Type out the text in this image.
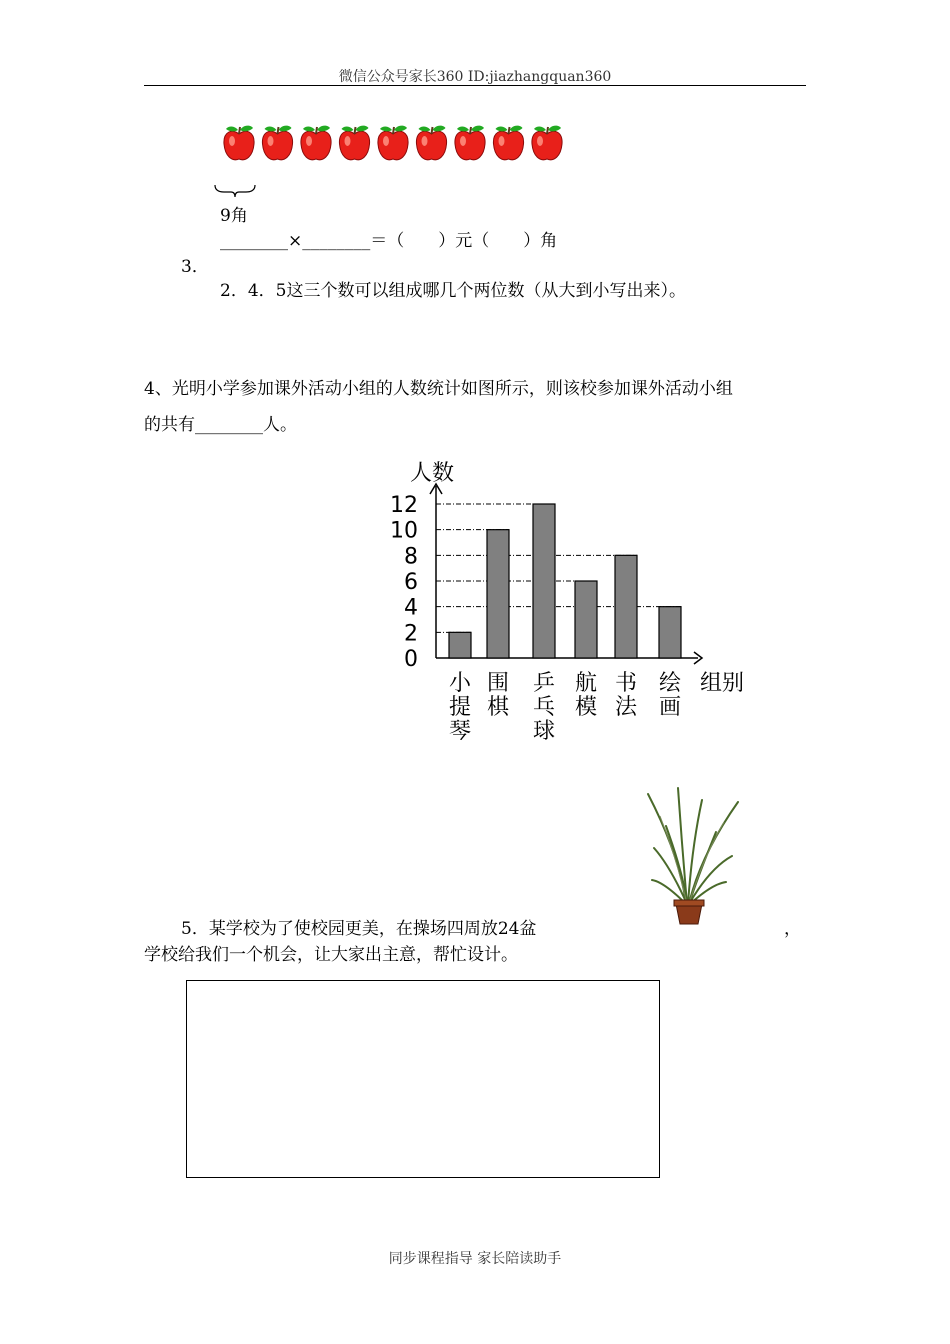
微信公众号家长360 ID:jiazhangquan360
9角
________×________＝（　　）元（　　）角
3．
2．4．5这三个数可以组成哪几个两位数（从大到小写出来）。
4、光明小学参加课外活动小组的人数统计如图所示，则该校参加课外活动小组
的共有________人。
0
2
4
6
8
10
12
小
提
琴
围
棋
乒
乓
球
航
模
书
法
绘
画
人数
组别
5．某学校为了使校园更美，在操场四周放24盆	，
学校给我们一个机会，让大家出主意，帮忙设计。
同步课程指导 家长陪读助手
